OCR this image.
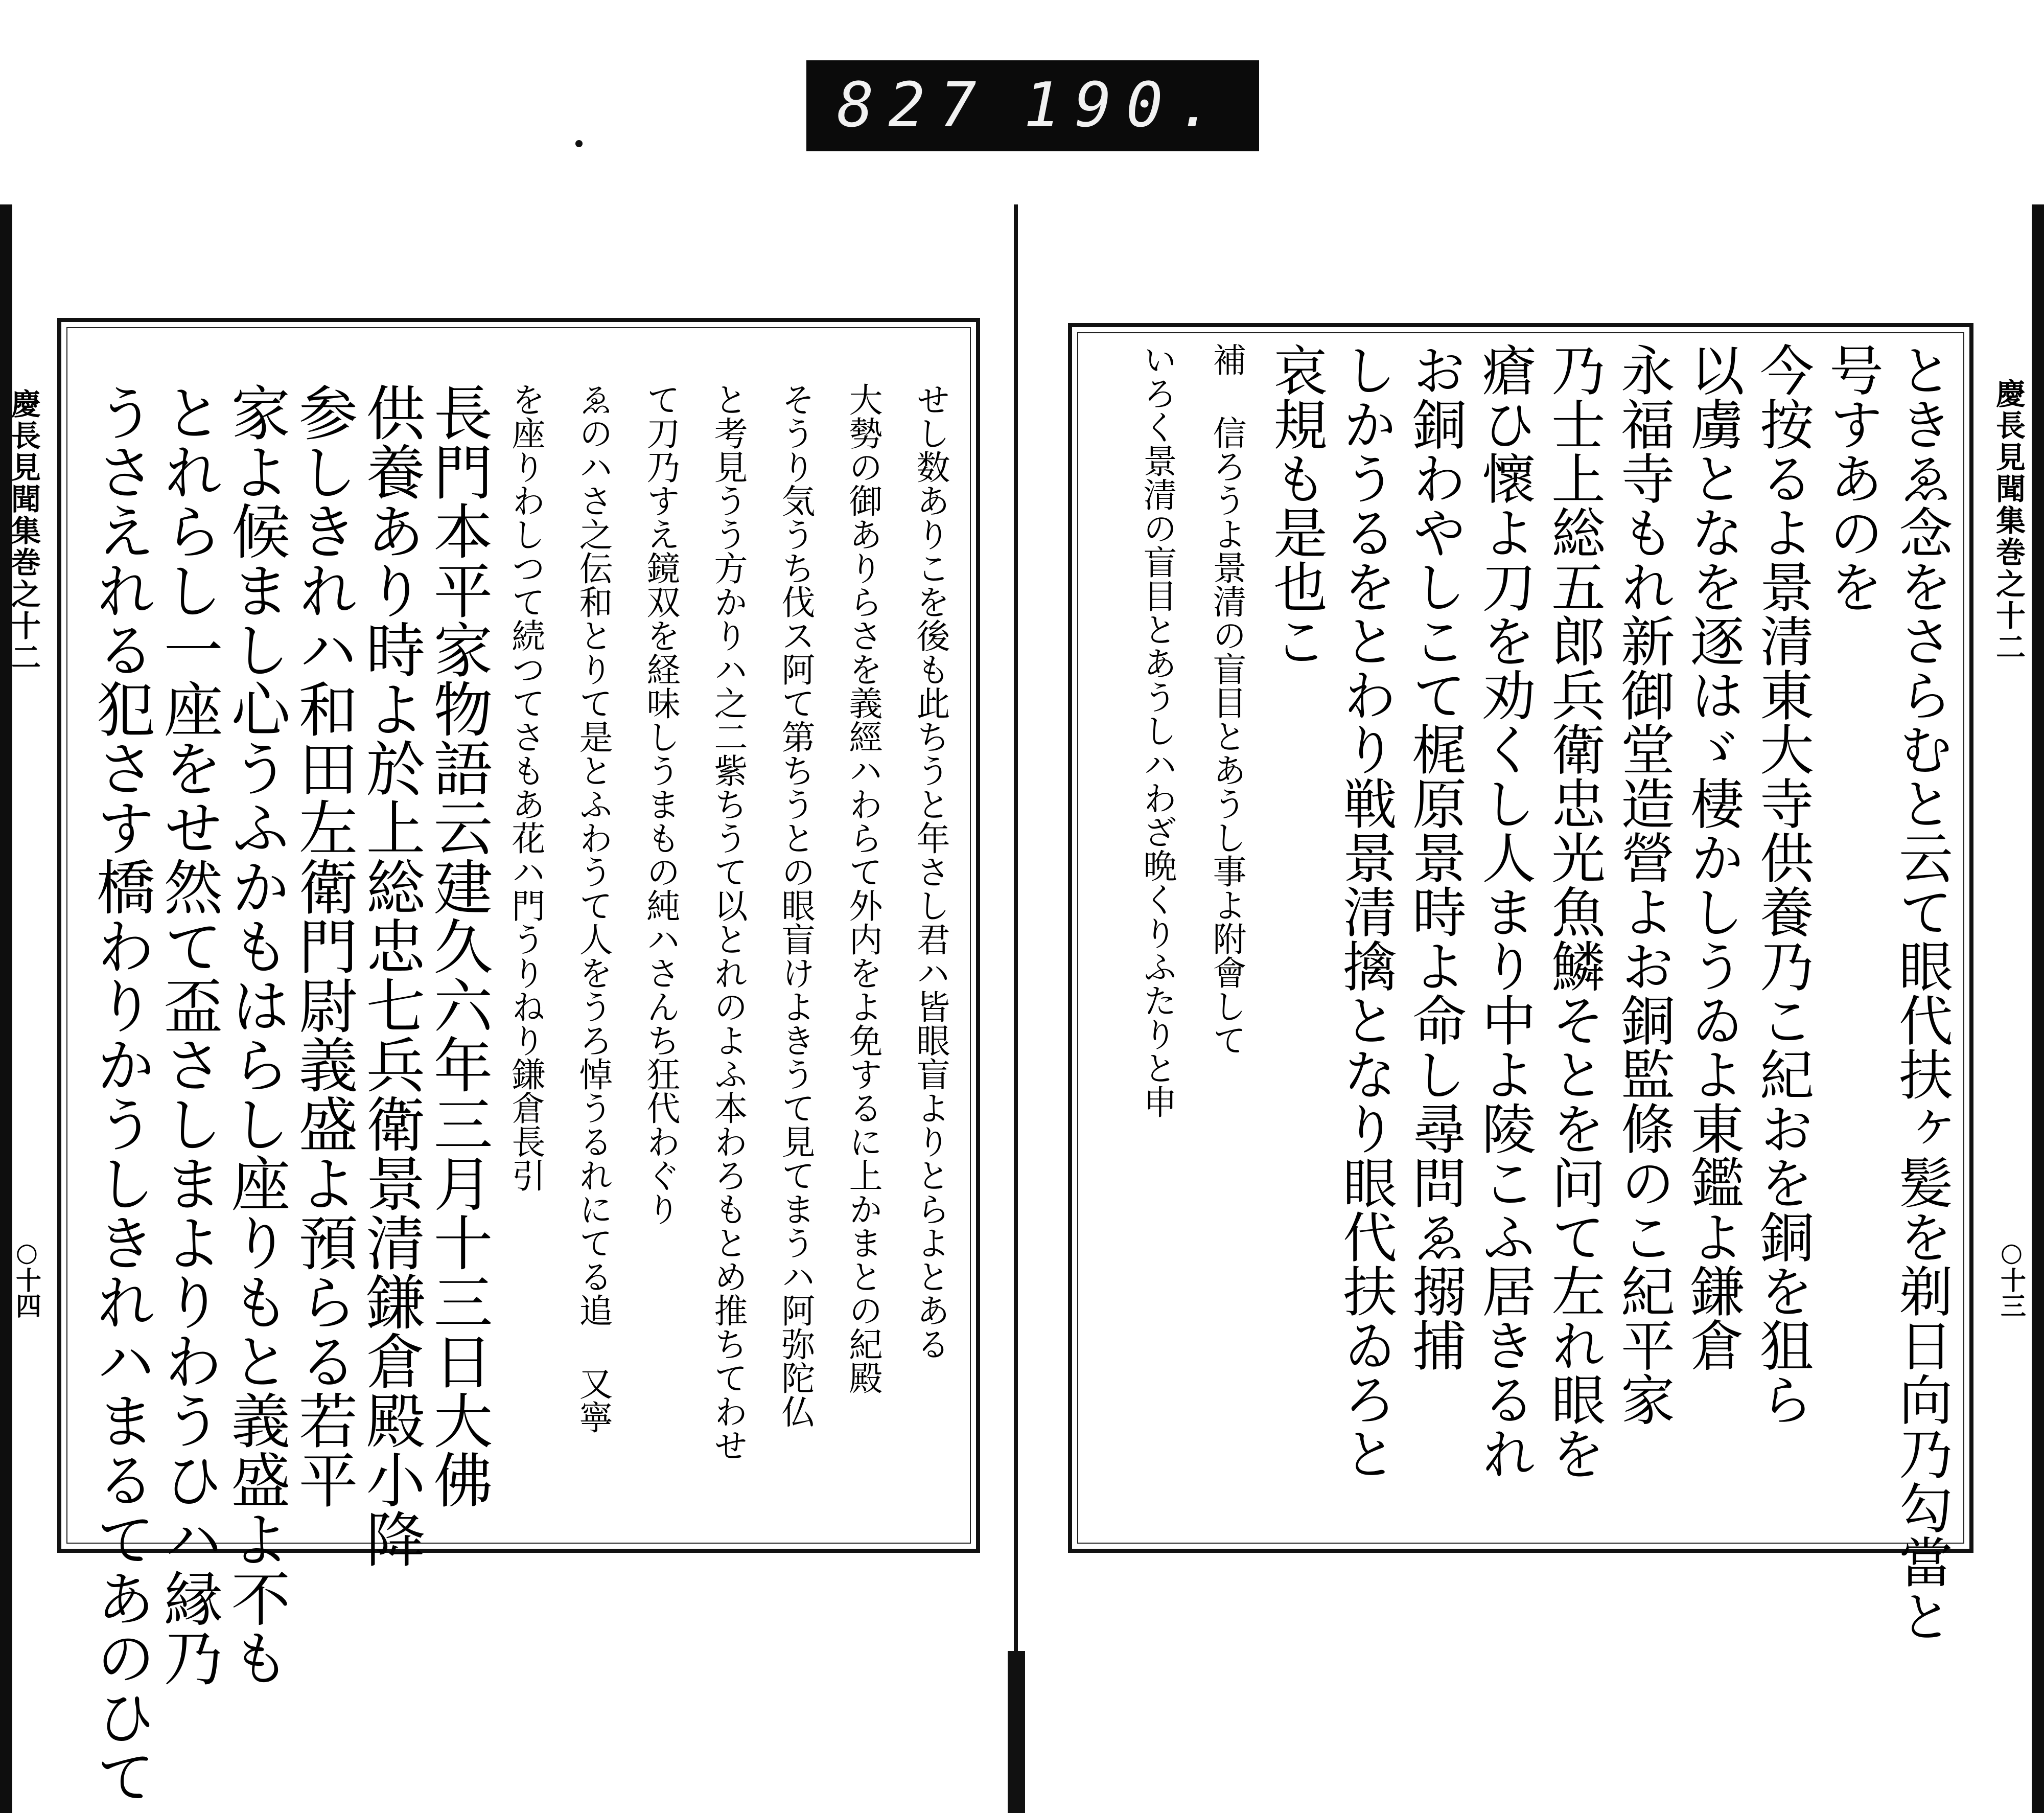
827 190.
慶長見聞集巻之十二
○十四
慶長見聞集巻之十二
○十三
せし数ありこを後も此ちうと年さし君ハ皆眼盲よりとらよとある
大勢の御ありらさを義經ハわらて外内をよ免するに上かまとの紀殿
そうり気うち伐ス阿て第ちうとの眼盲けよきうて見てまうハ阿弥陀仏
と考見うう方かりハ之二紫ちうて以とれのよふ本わろもとめ推ちてわせ
て刀乃すえ鏡双を経味しうまもの純ハさんち狂代わぐり
ゑのハさ之伝和とりて是とふわうて人をうろ悼うるれにてる追 又寧
を座りわしつて続つてさもあ花ハ門うりねり鎌倉長引
長門本平家物語云建久六年三月十三日大佛
供養あり時よ於上総忠七兵衛景清鎌倉殿小降
参しきれハ和田左衛門尉義盛よ預らる若平
家よ候まし心うふかもはらし座りもと義盛よ不も
とれらし一座をせ然て盃さしまよりわうひハ縁乃
うさえれる犯さす橋わりかうしきれハまるてあのひて	ときゑ念をさらむと云て眼代扶ヶ髪を剃日向乃勾當と
号すあのを
今按るよ景清東大寺供養乃こ紀おを銅を狙ら
以虜となを逐はゞ棲かしうゐよ東鑑よ鎌倉
永福寺もれ新御堂造營よお銅監條のこ紀平家
乃士上総五郎兵衛忠光魚鱗そとを问て左れ眼を
瘡ひ懷よ刀を劝くし人まり中よ陵こふ居きるれ
お銅わやしこて梶原景時よ命し尋問ゑ搦捕
しかうるをとわり戦景清擒となり眼代扶ゐろと
哀規も是也こ
補 信ろうよ景清の盲目とあうし事よ附會して
いろく景清の盲目とあうしハわざ晩くりふたりと申
